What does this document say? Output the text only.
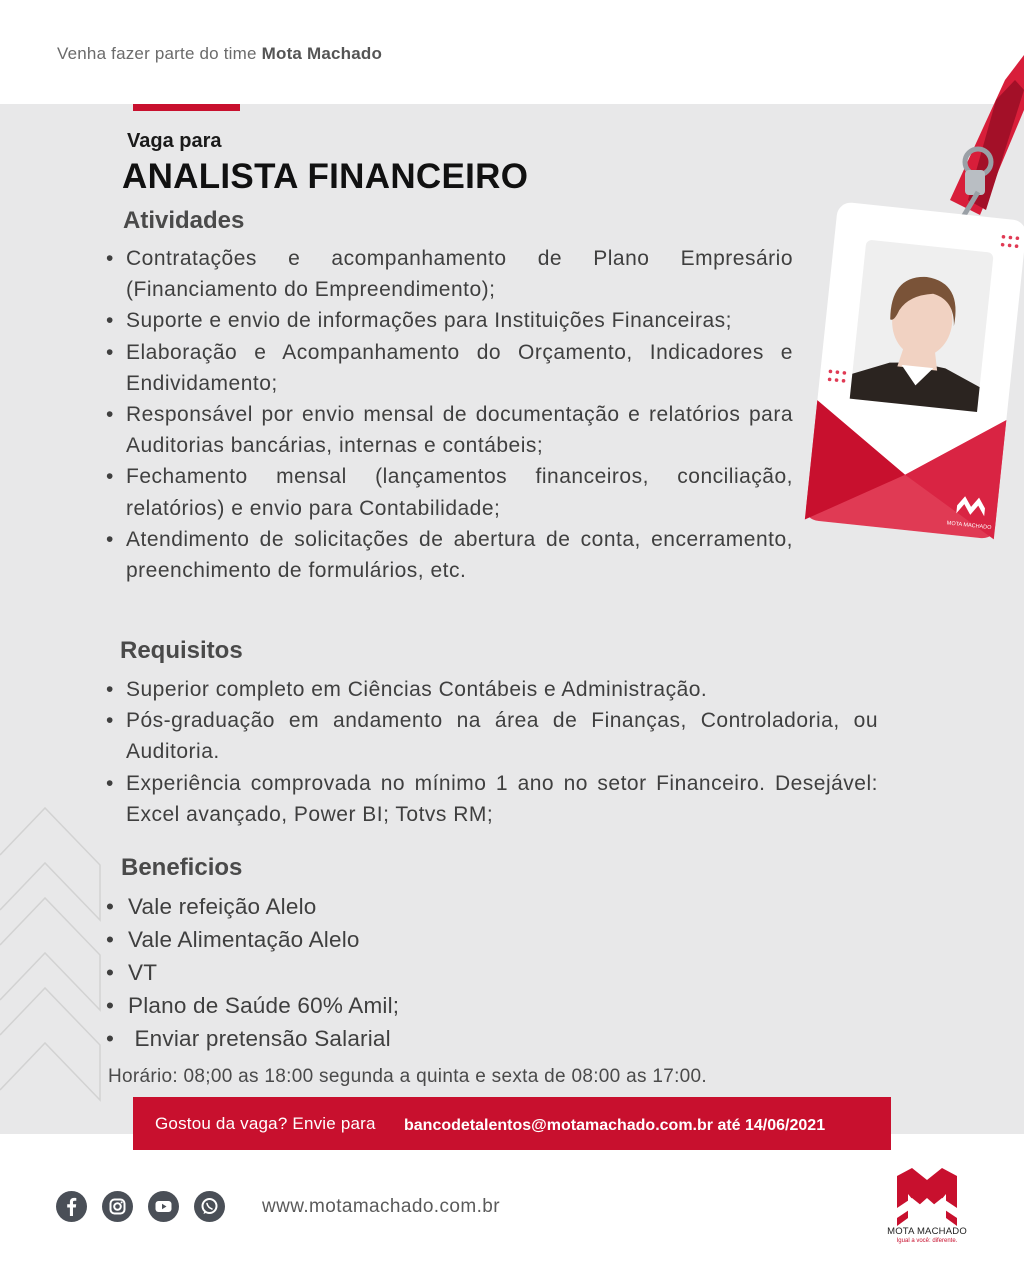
Venha fazer parte do time Mota Machado
MOTA MACHADO
Vaga para
ANALISTA FINANCEIRO
Atividades
• Contratações e acompanhamento de Plano Empresário (Financiamento do Empreendimento);
• Suporte e envio de informações para Instituições Financeiras;
• Elaboração e Acompanhamento do Orçamento, Indicadores e Endividamento;
• Responsável por envio mensal de documentação e relatórios para Auditorias bancárias, internas e contábeis;
• Fechamento mensal (lançamentos financeiros, conciliação, relatórios) e envio para Contabilidade;
• Atendimento de solicitações de abertura de conta, encerramento, preenchimento de formulários, etc.
Requisitos
• Superior completo em Ciências Contábeis e Administração.
• Pós-graduação em andamento na área de Finanças, Controladoria, ou Auditoria.
• Experiência comprovada no mínimo 1 ano no setor Financeiro. Desejável: Excel avançado, Power BI; Totvs RM;
Beneficios
• Vale refeição Alelo
• Vale Alimentação Alelo
• VT
• Plano de Saúde 60% Amil;
•  Enviar pretensão Salarial
Horário: 08;00 as 18:00 segunda a quinta e sexta de 08:00 as 17:00.
Gostou da vaga? Envie para bancodetalentos@motamachado.com.br até 14/06/2021
www.motamachado.com.br
MOTA MACHADO
Igual a você: diferente.
